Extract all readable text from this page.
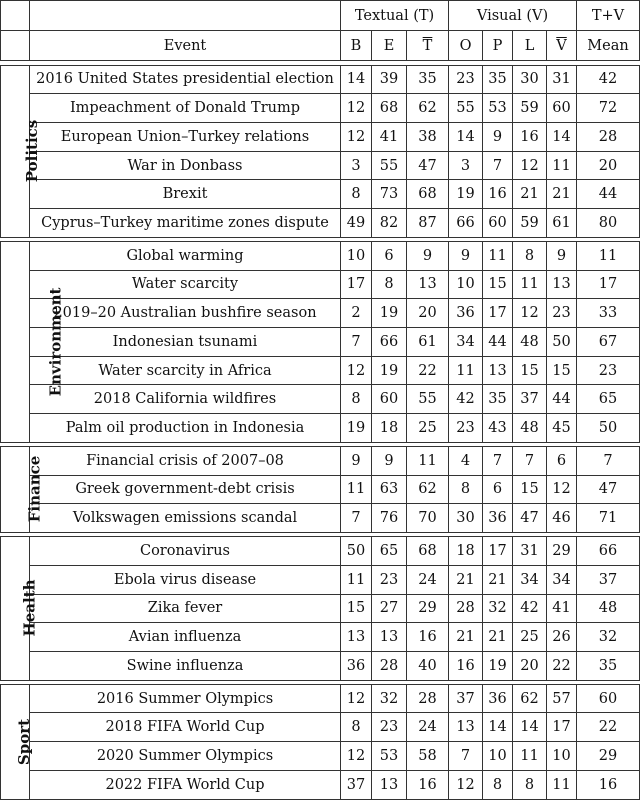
		Textual (T)			Visual (V)				T+V
	Event	B	E	$\overline{T}$	O	P	L	$\overline{V}$	Mean

Politics	2016 United States presidential election	14	39	35	23	35	30	31	42
	Impeachment of Donald Trump	12	68	62	55	53	59	60	72
	European Union–Turkey relations	12	41	38	14	9	16	14	28
	War in Donbass	3	55	47	3	7	12	11	20
	Brexit	8	73	68	19	16	21	21	44
	Cyprus–Turkey maritime zones dispute	49	82	87	66	60	59	61	80

Environment	Global warming	10	6	9	9	11	8	9	11
	Water scarcity	17	8	13	10	15	11	13	17
	2019–20 Australian bushfire season	2	19	20	36	17	12	23	33
	Indonesian tsunami	7	66	61	34	44	48	50	67
	Water scarcity in Africa	12	19	22	11	13	15	15	23
	2018 California wildfires	8	60	55	42	35	37	44	65
	Palm oil production in Indonesia	19	18	25	23	43	48	45	50

Finance	Financial crisis of 2007–08	9	9	11	4	7	7	6	7
	Greek government-debt crisis	11	63	62	8	6	15	12	47
	Volkswagen emissions scandal	7	76	70	30	36	47	46	71

Health	Coronavirus	50	65	68	18	17	31	29	66
	Ebola virus disease	11	23	24	21	21	34	34	37
	Zika fever	15	27	29	28	32	42	41	48
	Avian influenza	13	13	16	21	21	25	26	32
	Swine influenza	36	28	40	16	19	20	22	35

Sport	2016 Summer Olympics	12	32	28	37	36	62	57	60
	2018 FIFA World Cup	8	23	24	13	14	14	17	22
	2020 Summer Olympics	12	53	58	7	10	11	10	29
	2022 FIFA World Cup	37	13	16	12	8	8	11	16
